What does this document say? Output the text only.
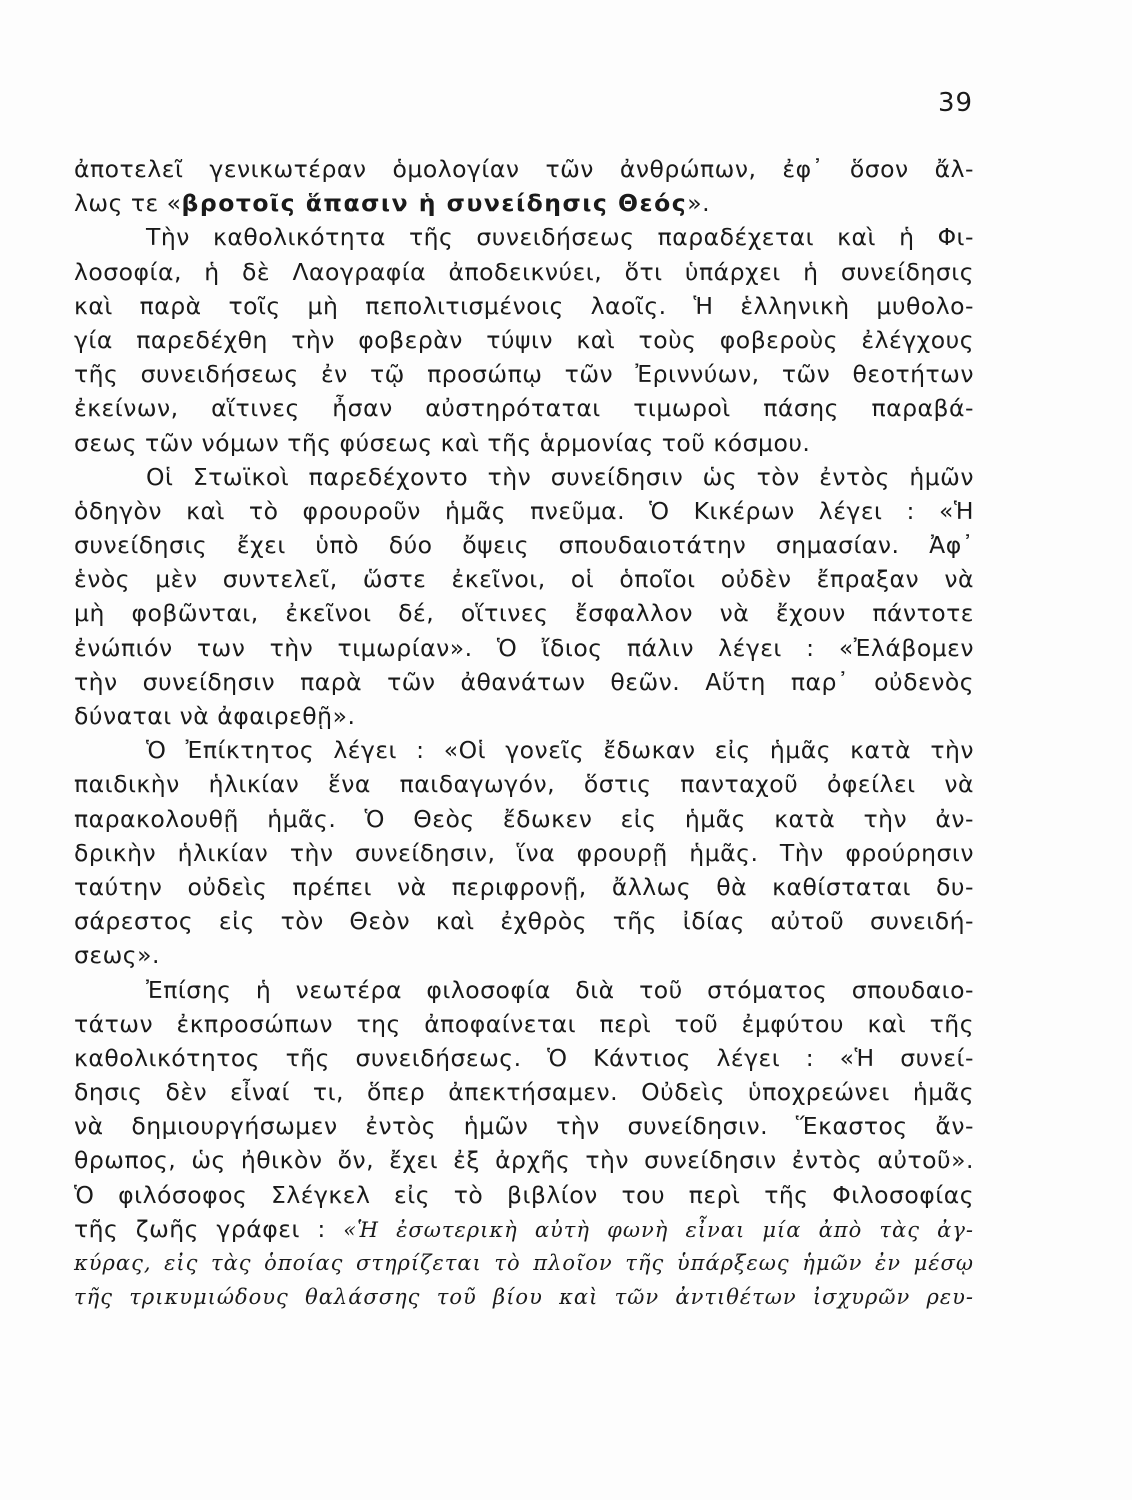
39
ἀποτελεῖ γενικωτέραν ὁμολογίαν τῶν ἀνθρώπων, ἐφ᾽ ὅσον ἄλ-
λως τε «βροτοῖς ἅπασιν ἡ συνείδησις Θεός».
Τὴν καθολικότητα τῆς συνειδήσεως παραδέχεται καὶ ἡ Φι-
λοσοφία, ἡ δὲ Λαογραφία ἀποδεικνύει, ὅτι ὑπάρχει ἡ συνείδησις
καὶ παρὰ τοῖς μὴ πεπολιτισμένοις λαοῖς. Ἡ ἑλληνικὴ μυθολο-
γία παρεδέχθη τὴν φοβερὰν τύψιν καὶ τοὺς φοβεροὺς ἐλέγχους
τῆς συνειδήσεως ἐν τῷ προσώπῳ τῶν Ἐριννύων, τῶν θεοτήτων
ἐκείνων, αἵτινες ἦσαν αὐστηρόταται τιμωροὶ πάσης παραβά-
σεως τῶν νόμων τῆς φύσεως καὶ τῆς ἁρμονίας τοῦ κόσμου.
Οἱ Στωϊκοὶ παρεδέχοντο τὴν συνείδησιν ὡς τὸν ἐντὸς ἡμῶν
ὁδηγὸν καὶ τὸ φρουροῦν ἡμᾶς πνεῦμα. Ὁ Κικέρων λέγει : «Ἡ
συνείδησις ἔχει ὑπὸ δύο ὄψεις σπουδαιοτάτην σημασίαν. Ἀφ᾽
ἑνὸς μὲν συντελεῖ, ὥστε ἐκεῖνοι, οἱ ὁποῖοι οὐδὲν ἔπραξαν νὰ
μὴ φοβῶνται, ἐκεῖνοι δέ, οἵτινες ἔσφαλλον νὰ ἔχουν πάντοτε
ἐνώπιόν των τὴν τιμωρίαν». Ὁ ἴδιος πάλιν λέγει : «Ἐλάβομεν
τὴν συνείδησιν παρὰ τῶν ἀθανάτων θεῶν. Αὕτη παρ᾽ οὐδενὸς
δύναται νὰ ἀφαιρεθῇ».
Ὁ Ἐπίκτητος λέγει : «Οἱ γονεῖς ἔδωκαν εἰς ἡμᾶς κατὰ τὴν
παιδικὴν ἡλικίαν ἕνα παιδαγωγόν, ὅστις πανταχοῦ ὀφείλει νὰ
παρακολουθῇ ἡμᾶς. Ὁ Θεὸς ἔδωκεν εἰς ἡμᾶς κατὰ τὴν ἀν-
δρικὴν ἡλικίαν τὴν συνείδησιν, ἵνα φρουρῇ ἡμᾶς. Τὴν φρούρησιν
ταύτην οὐδεὶς πρέπει νὰ περιφρονῇ, ἄλλως θὰ καθίσταται δυ-
σάρεστος εἰς τὸν Θεὸν καὶ ἐχθρὸς τῆς ἰδίας αὐτοῦ συνειδή-
σεως».
Ἐπίσης ἡ νεωτέρα φιλοσοφία διὰ τοῦ στόματος σπουδαιο-
τάτων ἐκπροσώπων της ἀποφαίνεται περὶ τοῦ ἐμφύτου καὶ τῆς
καθολικότητος τῆς συνειδήσεως. Ὁ Κάντιος λέγει : «Ἡ συνεί-
δησις δὲν εἶναί τι, ὅπερ ἀπεκτήσαμεν. Οὐδεὶς ὑποχρεώνει ἡμᾶς
νὰ δημιουργήσωμεν ἐντὸς ἡμῶν τὴν συνείδησιν. Ἕκαστος ἄν-
θρωπος, ὡς ἠθικὸν ὄν, ἔχει ἐξ ἀρχῆς τὴν συνείδησιν ἐντὸς αὐτοῦ».
Ὁ φιλόσοφος Σλέγκελ εἰς τὸ βιβλίον του περὶ τῆς Φιλοσοφίας
τῆς ζωῆς γράφει : «Ἡ ἐσωτερικὴ αὐτὴ φωνὴ εἶναι μία ἀπὸ τὰς ἀγ-
κύρας, εἰς τὰς ὁποίας στηρίζεται τὸ πλοῖον τῆς ὑπάρξεως ἡμῶν ἐν μέσῳ
τῆς τρικυμιώδους θαλάσσης τοῦ βίου καὶ τῶν ἀντιθέτων ἰσχυρῶν ρευ-
